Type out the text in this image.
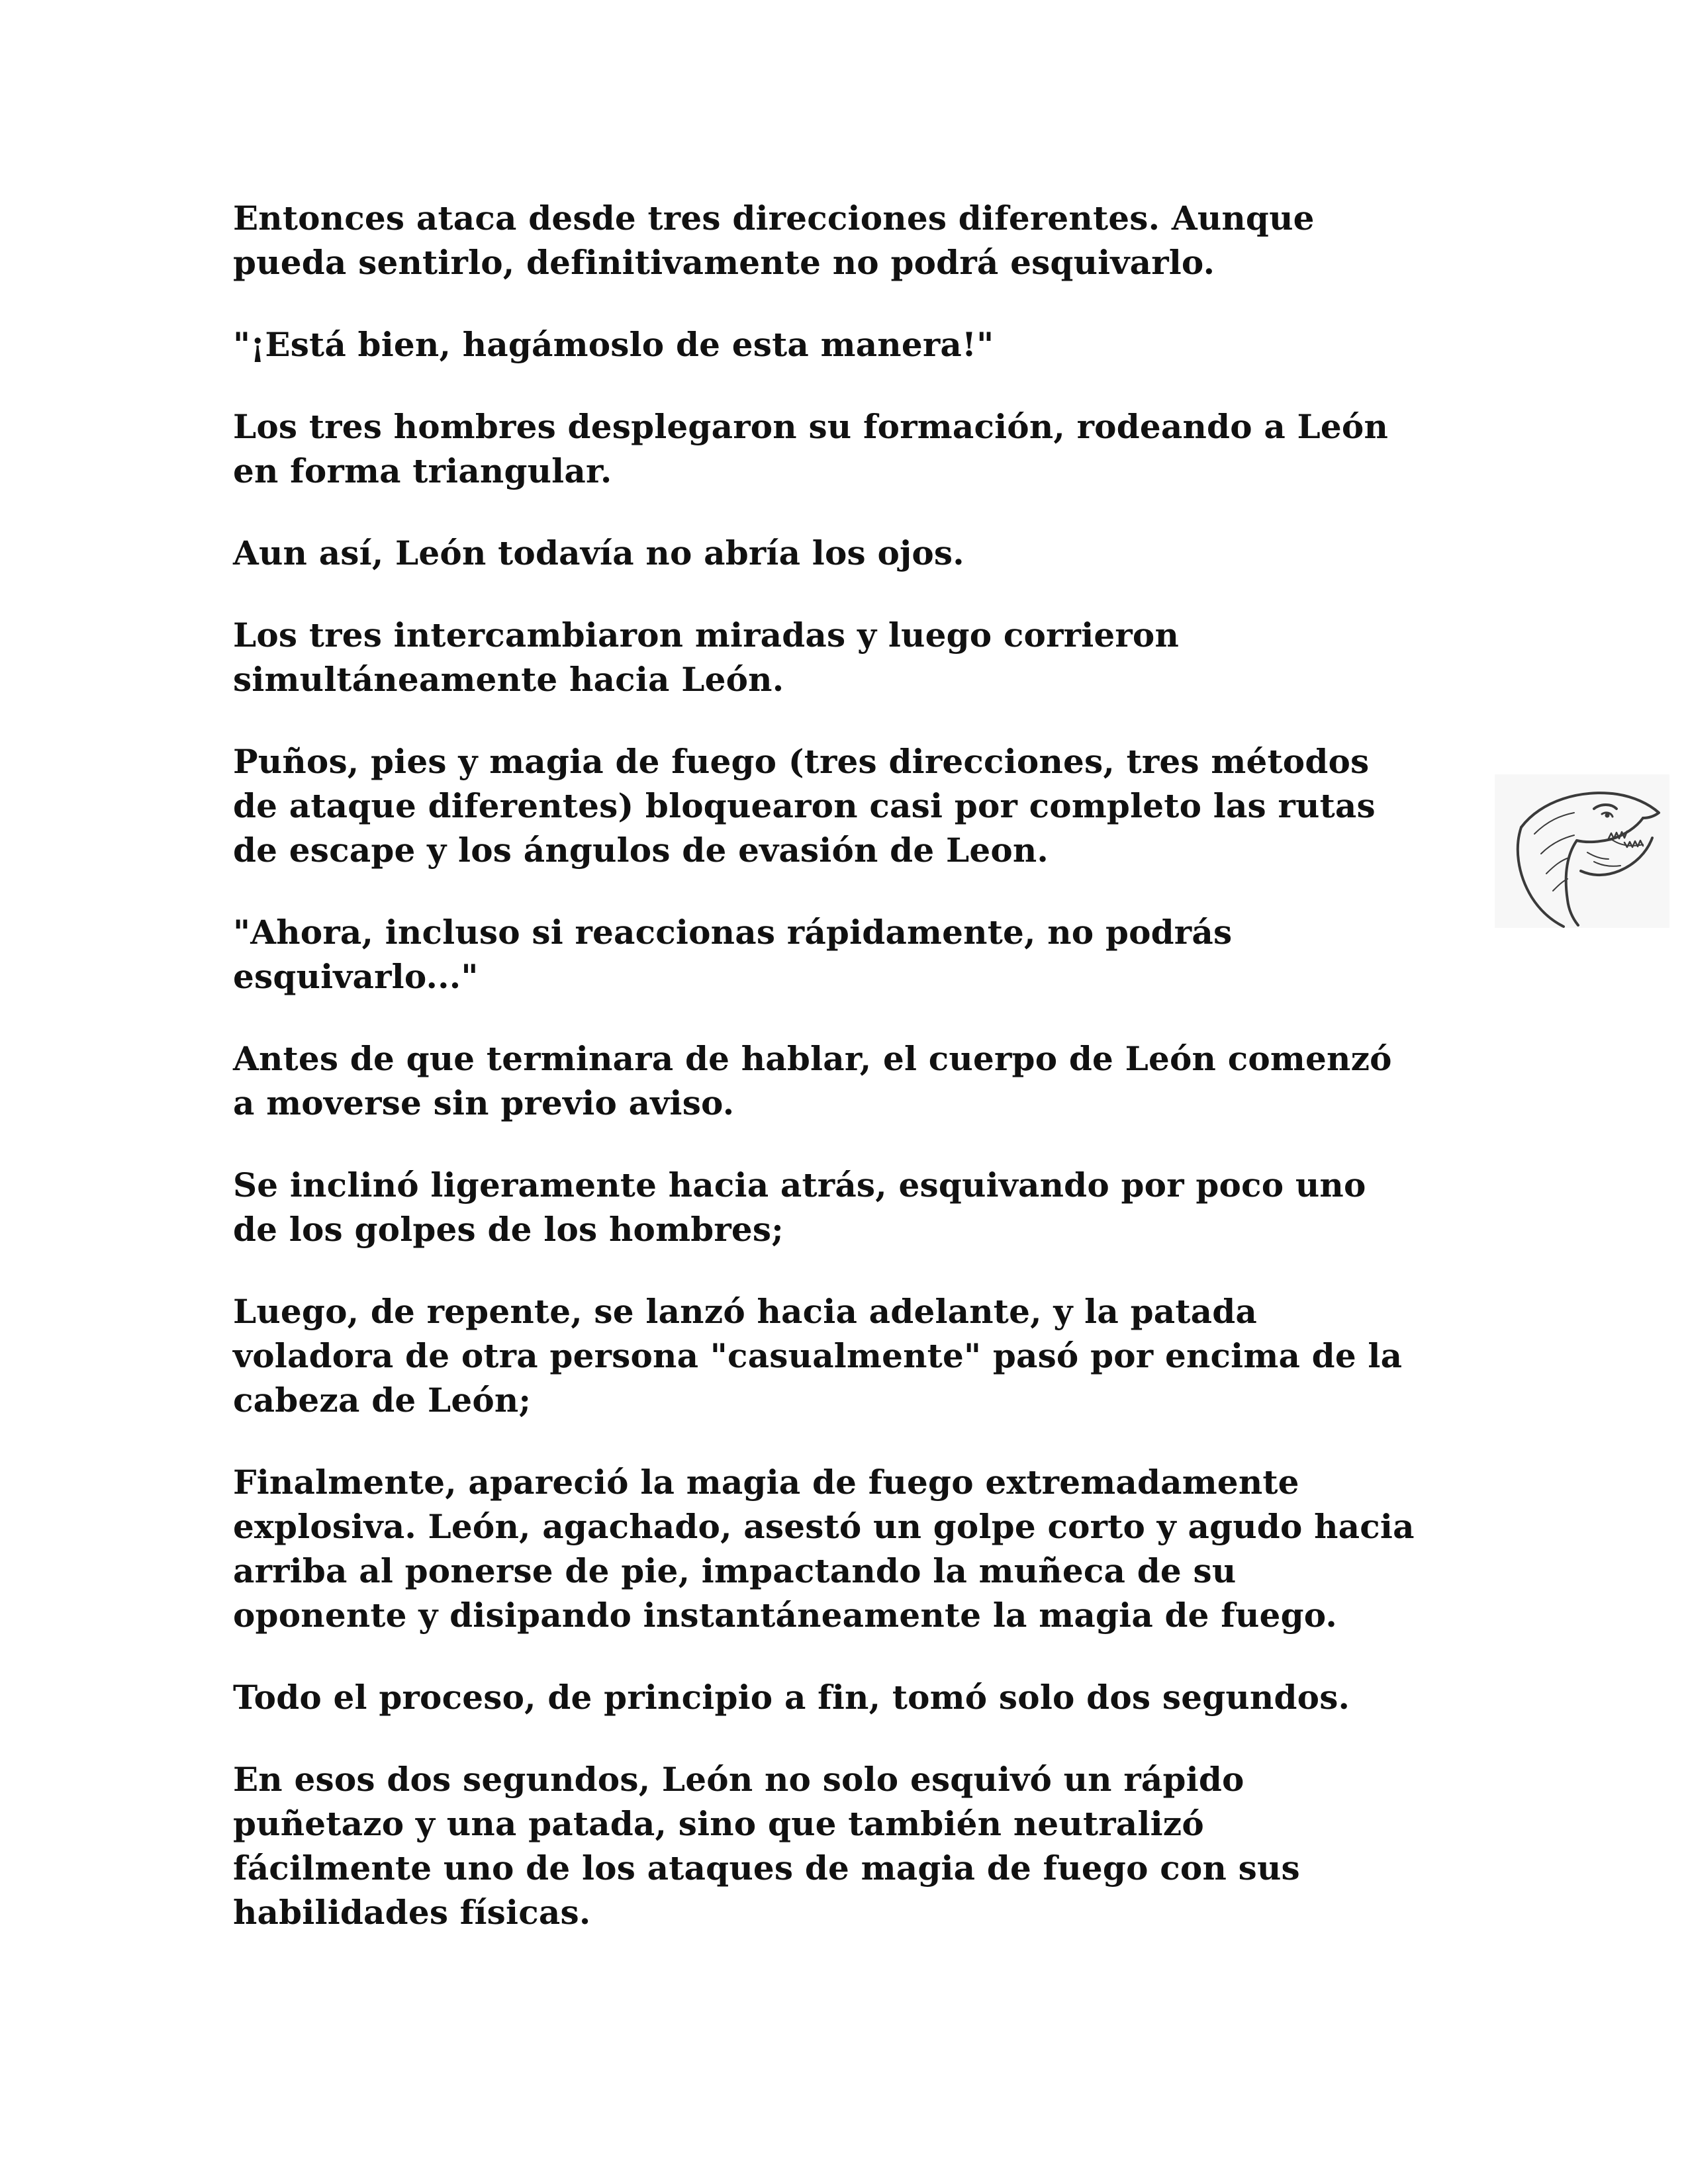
Entonces ataca desde tres direcciones diferentes. Aunque
pueda sentirlo, definitivamente no podrá esquivarlo.

"¡Está bien, hagámoslo de esta manera!"

Los tres hombres desplegaron su formación, rodeando a León
en forma triangular.

Aun así, León todavía no abría los ojos.

Los tres intercambiaron miradas y luego corrieron
simultáneamente hacia León.

Puños, pies y magia de fuego (tres direcciones, tres métodos
de ataque diferentes) bloquearon casi por completo las rutas
de escape y los ángulos de evasión de Leon.

"Ahora, incluso si reaccionas rápidamente, no podrás
esquivarlo..."

Antes de que terminara de hablar, el cuerpo de León comenzó
a moverse sin previo aviso.

Se inclinó ligeramente hacia atrás, esquivando por poco uno
de los golpes de los hombres;

Luego, de repente, se lanzó hacia adelante, y la patada
voladora de otra persona "casualmente" pasó por encima de la
cabeza de León;

Finalmente, apareció la magia de fuego extremadamente
explosiva. León, agachado, asestó un golpe corto y agudo hacia
arriba al ponerse de pie, impactando la muñeca de su
oponente y disipando instantáneamente la magia de fuego.

Todo el proceso, de principio a fin, tomó solo dos segundos.

En esos dos segundos, León no solo esquivó un rápido
puñetazo y una patada, sino que también neutralizó
fácilmente uno de los ataques de magia de fuego con sus
habilidades físicas.
